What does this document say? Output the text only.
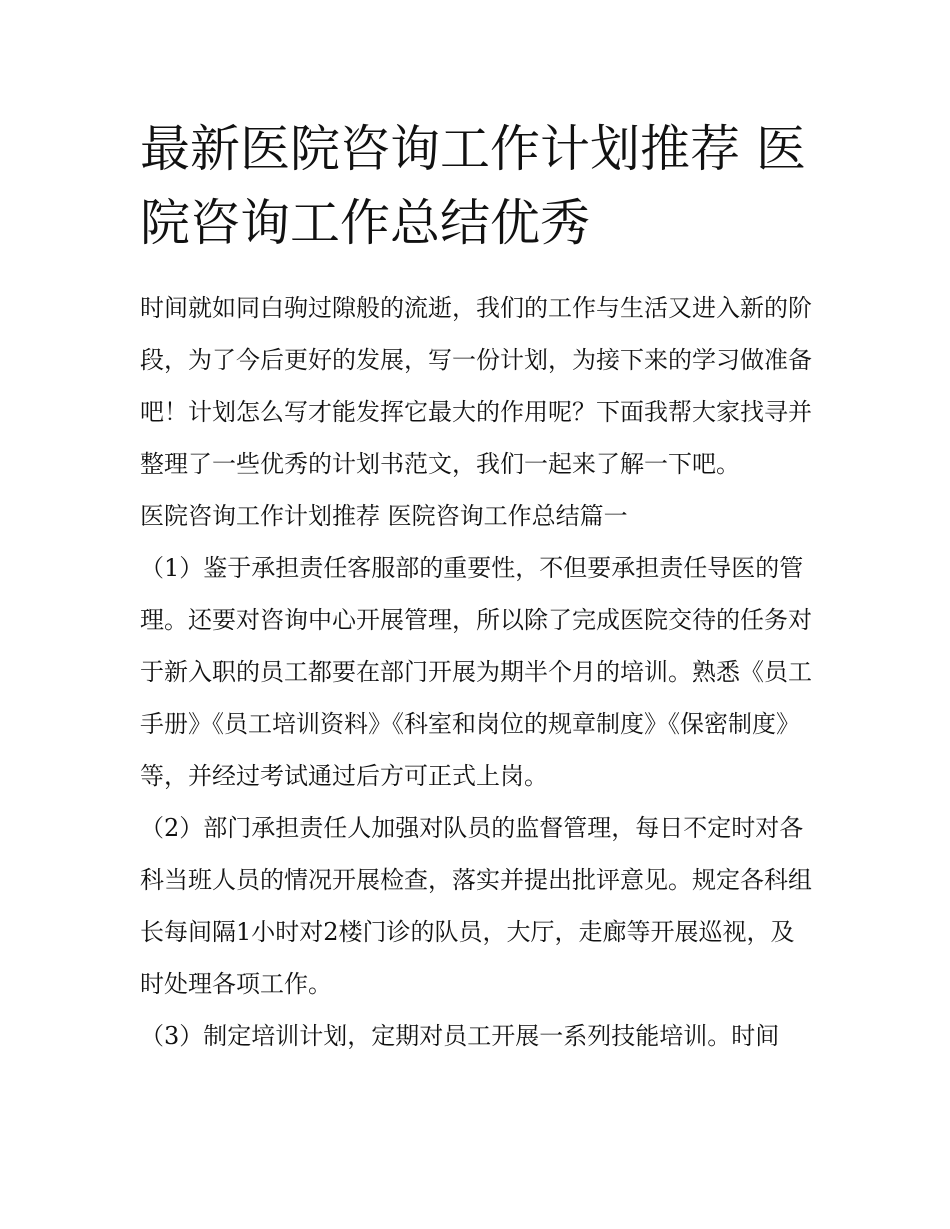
最新医院咨询工作计划推荐 医院咨询工作总结优秀

时间就如同白驹过隙般的流逝，我们的工作与生活又进入新的阶段，为了今后更好的发展，写一份计划，为接下来的学习做准备吧！计划怎么写才能发挥它最大的作用呢？下面我帮大家找寻并整理了一些优秀的计划书范文，我们一起来了解一下吧。

医院咨询工作计划推荐 医院咨询工作总结篇一

（1）鉴于承担责任客服部的重要性，不但要承担责任导医的管理。还要对咨询中心开展管理，所以除了完成医院交待的任务对于新入职的员工都要在部门开展为期半个月的培训。熟悉《员工手册》《员工培训资料》《科室和岗位的规章制度》《保密制度》等，并经过考试通过后方可正式上岗。

（2）部门承担责任人加强对队员的监督管理，每日不定时对各科当班人员的情况开展检查，落实并提出批评意见。规定各科组长每间隔1小时对2楼门诊的队员，大厅，走廊等开展巡视，及时处理各项工作。

（3）制定培训计划，定期对员工开展一系列技能培训。时间
